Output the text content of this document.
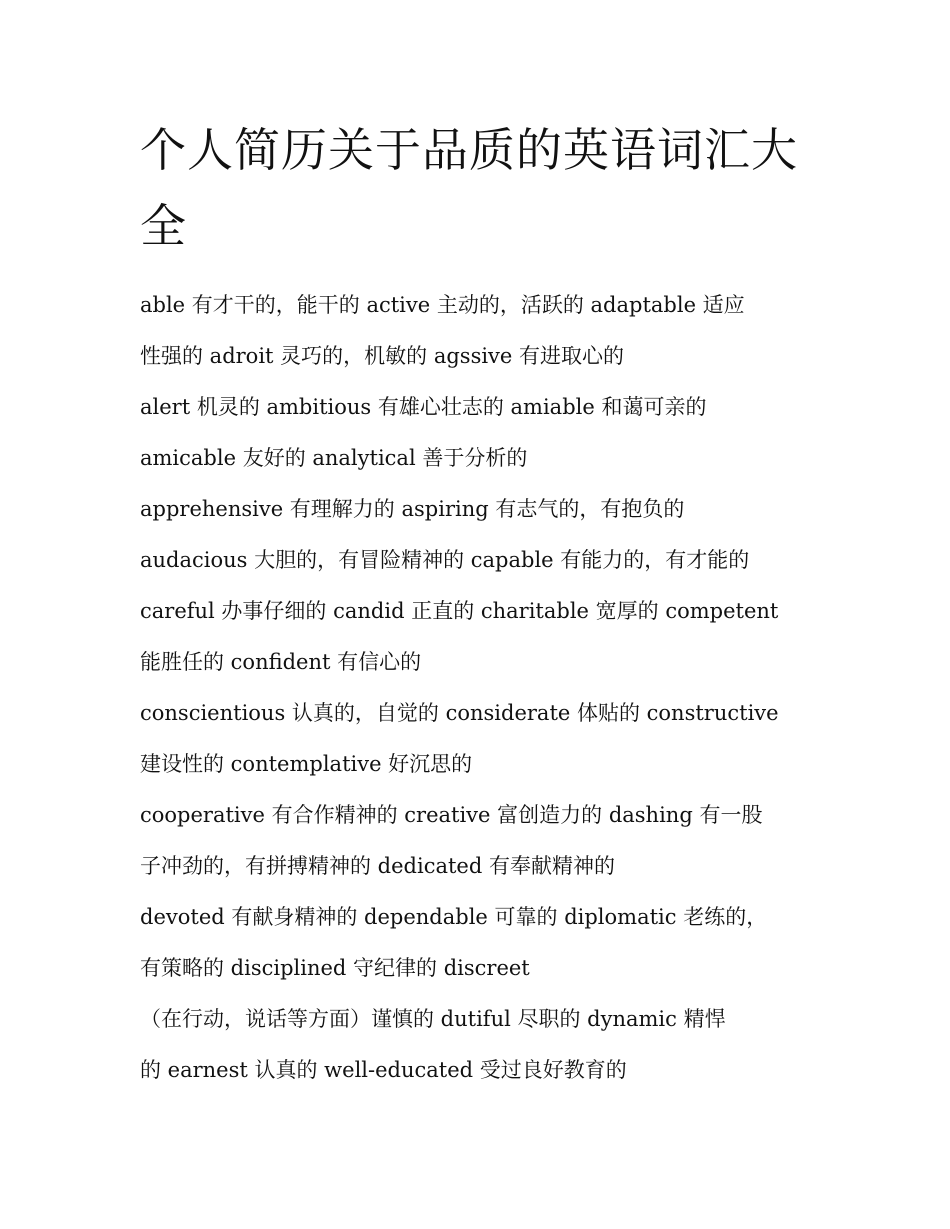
个人简历关于品质的英语词汇大全
able 有才干的，能干的 active 主动的，活跃的 adaptable 适应
性强的 adroit 灵巧的，机敏的 agssive 有进取心的
alert 机灵的 ambitious 有雄心壮志的 amiable 和蔼可亲的
amicable 友好的 analytical 善于分析的
apprehensive 有理解力的 aspiring 有志气的，有抱负的
audacious 大胆的，有冒险精神的 capable 有能力的，有才能的
careful 办事仔细的 candid 正直的 charitable 宽厚的 competent
能胜任的 confident 有信心的
conscientious 认真的，自觉的 considerate 体贴的 constructive
建设性的 contemplative 好沉思的
cooperative 有合作精神的 creative 富创造力的 dashing 有一股
子冲劲的，有拼搏精神的 dedicated 有奉献精神的
devoted 有献身精神的 dependable 可靠的 diplomatic 老练的，
有策略的 disciplined 守纪律的 discreet
（在行动，说话等方面）谨慎的 dutiful 尽职的 dynamic 精悍
的 earnest 认真的 well-educated 受过良好教育的
